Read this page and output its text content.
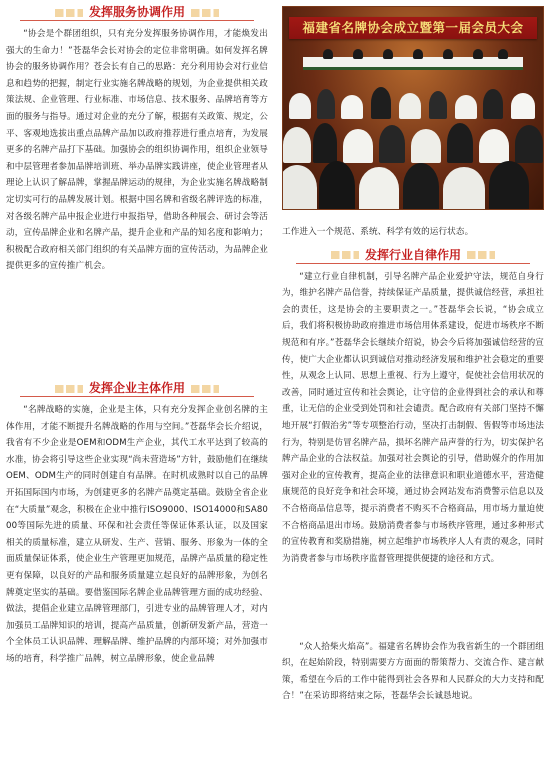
发挥服务协调作用

“协会是个群团组织，只有充分发挥服务协调作用，才能焕发出强大的生命力！”苍磊华会长对协会的定位非常明确。如何发挥名牌协会的服务协调作用？苍会长有自己的思路：充分利用协会对行业信息和趋势的把握，制定行业实施名牌战略的规划，为企业提供相关政策法规、企业管理、行业标准、市场信息、技术服务、品牌培育等方面的服务与指导。通过对企业的充分了解，根据有关政策、规定，公平、客观地选拔出重点品牌产品加以政府推荐进行重点培育，为发展更多的名牌产品打下基础。加强协会的组织协调作用，组织企业领导和中层管理者参加品牌培训班、举办品牌实践讲座，使企业管理者从理论上认识了解品牌，掌握品牌运动的规律，为企业实施名牌战略制定切实可行的品牌发展计划。根据中国名牌和省级名牌评选的标准，对各级名牌产品申报企业进行申报指导，借助各种展会、研讨会等活动，宣传品牌企业和名牌产品，提升企业和产品的知名度和影响力；积极配合政府相关部门组织的有关品牌方面的宣传活动，为品牌企业提供更多的宣传推广机会。

发挥企业主体作用

“名牌战略的实施，企业是主体，只有充分发挥企业创名牌的主体作用，才能不断提升名牌战略的作用与空间。”苍磊华会长介绍说，我省有不少企业是OEM和ODM生产企业，其代工水平达到了较高的水准，协会将引导这些企业实现“尚未营造场”方针，鼓励他们在继续OEM、ODM生产的同时创建自有品牌。在时机成熟时以自己的品牌开拓国际国内市场，为创建更多的名牌产品奠定基础。鼓励全省企业在“大质量”观念，积极在企业中推行ISO9000、ISO14000和SA8000等国际先进的质量、环保和社会责任等保证体系认证，以及国家相关的质量标准，建立从研发、生产、营销、服务、形象为一体的全面质量保证体系，使企业生产管理更加规范，品牌产品质量的稳定性更有保障，以良好的产品和服务质量建立起良好的品牌形象，为创名牌奠定坚实的基础。要借鉴国际名牌企业品牌管理方面的成功经验、做法，提倡企业建立品牌管理部门，引进专业的品牌管理人才，对内加强员工品牌知识的培训，提高产品质量，创新研发新产品，营造一个全体员工认识品牌、理解品牌、维护品牌的内部环境；对外加强市场的培育，科学推广品牌，树立品牌形象，使企业品牌

福建省名牌协会成立暨第一届会员大会

工作进入一个规范、系统、科学有效的运行状态。

发挥行业自律作用

“建立行业自律机制，引导名牌产品企业爱护守法，规范自身行为，维护名牌产品信誉，持续保证产品质量，提供诚信经营，承担社会的责任，这是协会的主要职责之一。”苍磊华会长说，“协会成立后，我们将积极协助政府推进市场信用体系建设，促进市场秩序不断规范和有序。”苍磊华会长继续介绍说，协会今后将加强诚信经营的宣传，使广大企业都认识到诚信对推动经济发展和维护社会稳定的重要性，从观念上认同、思想上重视、行为上遵守，促使社会信用状况的改善，同时通过宣传和社会舆论，让守信的企业得到社会的承认和尊重，让无信的企业受到处罚和社会谴责。配合政府有关部门坚持不懈地开展“打假治劣”等专项整治行动，坚决打击制假、售假等市场违法行为，特别是仿冒名牌产品，损坏名牌产品声誉的行为，切实保护名牌产品企业的合法权益。加强对社会舆论的引导，借助媒介的作用加强对企业的宣传教育，提高企业的法律意识和职业道德水平，营造健康规范的良好竞争和社会环境，通过协会网站发布消费警示信息以及不合格商品信息等，提示消费者不购买不合格商品，用市场力量迫使不合格商品退出市场。鼓励消费者参与市场秩序管理，通过多种形式的宣传教育和奖励措施，树立起维护市场秩序人人有责的观念，同时为消费者参与市场秩序监督管理提供便捷的途径和方式。

“众人拾柴火焰高”。福建省名牌协会作为我省新生的一个群团组织，在起始阶段，特别需要方方面面的帮策帮力、交流合作、建言献策，希望在今后的工作中能得到社会各界和人民群众的大力支持和配合！”在采访即将结束之际，苍磊华会长诚恳地说。
